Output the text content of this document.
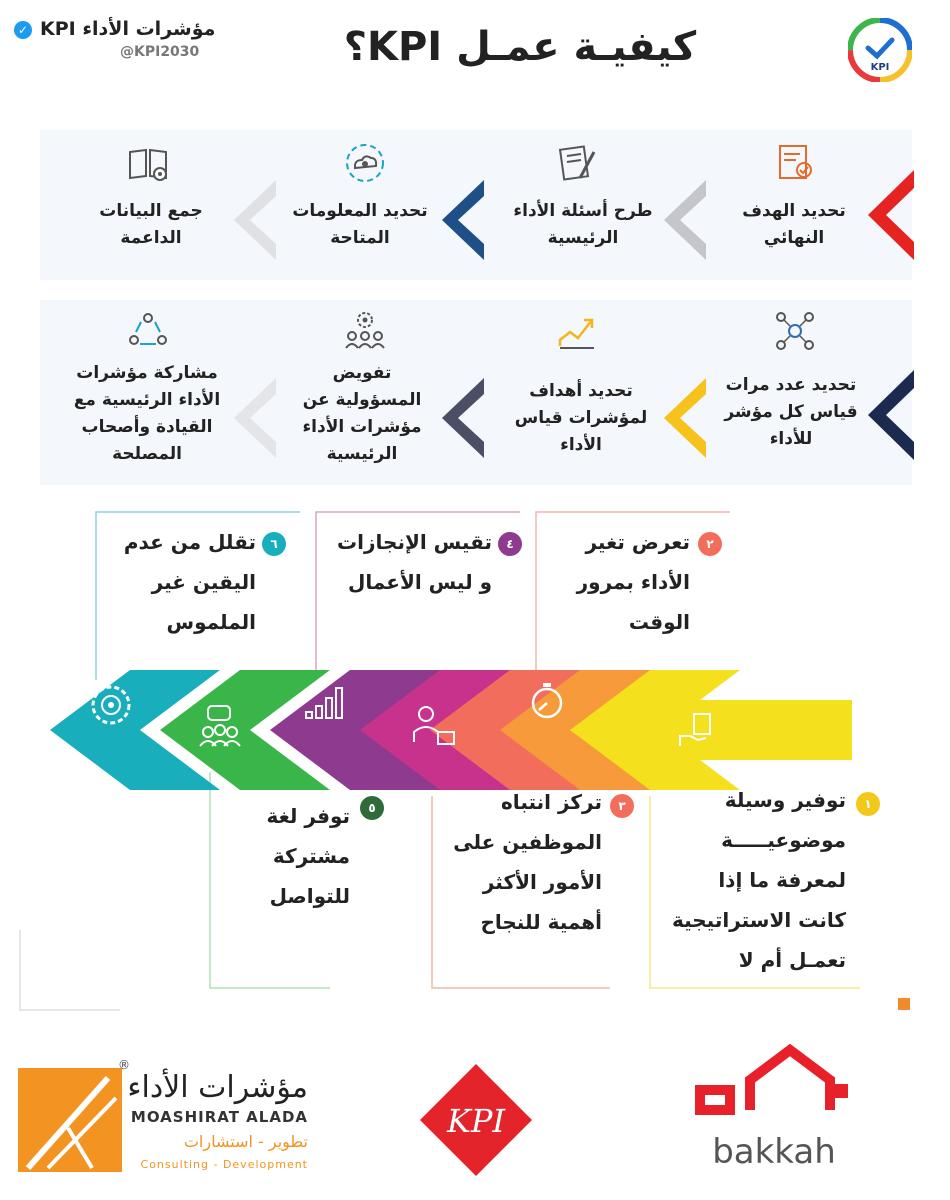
✓ مؤشرات الأداء KPI
@KPI2030	كيفيـة عمـل KPI؟	KPI
تحديد الهدف النهائي
طرح أسئلة الأداء الرئيسية
تحديد المعلومات المتاحة
جمع البيانات الداعمة
تحديد عدد مرات قياس كل مؤشر للأداء
تحديد أهداف لمؤشرات قياس الأداء
تفويض المسؤولية عن مؤشرات الأداء الرئيسية
مشاركة مؤشرات الأداء الرئيسية مع القيادة وأصحاب المصلحة
★
١
توفير وسيلة
موضوعيـــــة
لمعرفة ما إذا
كانت الاستراتيجية
تعمـل أم لا
٢
تعرض تغير
الأداء بمرور
الوقت
٣
تركز انتباه
الموظفين على
الأمور الأكثر
أهمية للنجاح
٤
تقيس الإنجازات
و ليس الأعمال
٥
توفر لغة
مشتركة
للتواصل
٦
تقلل من عدم
اليقين غير
الملموس
مؤشرات الأداء
®
MOASHIRAT ALADA
تطوير - استشارات
Consulting - Development
KPI
bakkah
